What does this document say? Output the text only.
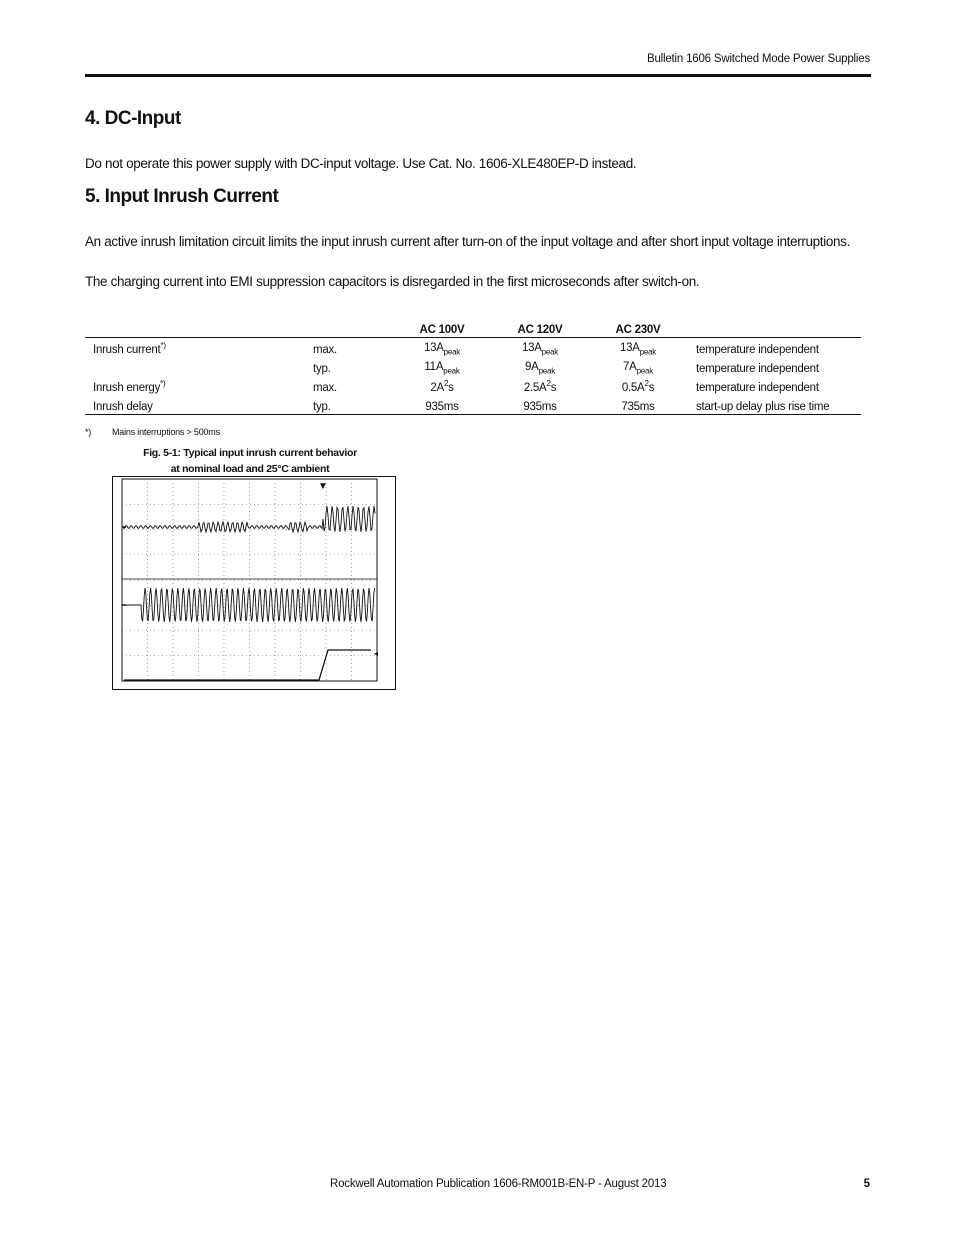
Bulletin 1606 Switched Mode Power Supplies
4. DC-Input

Do not operate this power supply with DC-input voltage. Use Cat. No. 1606-XLE480EP-D instead.

5. Input Inrush Current

An active inrush limitation circuit limits the input inrush current after turn-on of the input voltage and after short input voltage interruptions.

The charging current into EMI suppression capacitors is disregarded in the first microseconds after switch-on.

		AC 100V	AC 120V	AC 230V	
Inrush current*)	max.	$13A_{peak}$	$13A_{peak}$	$13A_{peak}$	temperature independent
	typ.	$11A_{peak}$	$9A_{peak}$	$7A_{peak}$	temperature independent
Inrush energy*)	max.	$2A^2s$	$2.5A^2s$	$0.5A^2s$	temperature independent
Inrush delay	typ.	935ms	935ms	735ms	start-up delay plus rise time
*) Mains interruptions > 500ms
Fig. 5-1: Typical input inrush current behavior
at nominal load and 25°C ambient
▼
◂
Rockwell Automation Publication 1606-RM001B-EN-P - August 2013	5
